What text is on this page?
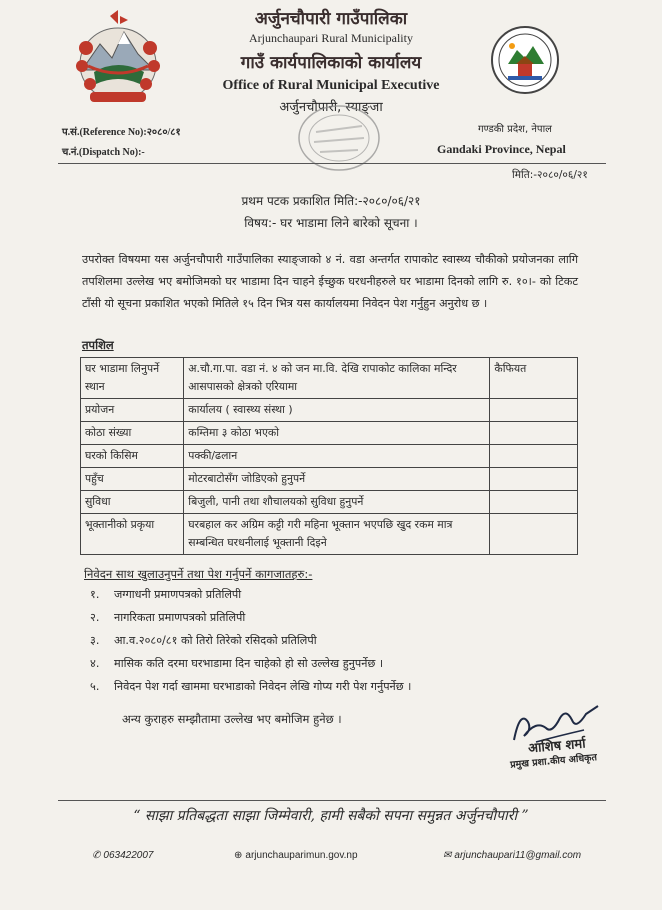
अर्जुनचौपारी गाउँपालिका
Arjunchaupari Rural Municipality
गाउँ कार्यपालिकाको कार्यालय
Office of Rural Municipal Executive
अर्जुनचौपारी, स्याङ्जा
प.सं.(Reference No):२०८०/८१
च.नं.(Dispatch No):-
गण्डकी प्रदेश, नेपाल
Gandaki Province, Nepal
मिति:-२०८०/०६/२१
प्रथम पटक प्रकाशित मिति:-२०८०/०६/२१
विषय:- घर भाडामा लिने बारेको सूचना ।
उपरोक्त विषयमा यस अर्जुनचौपारी गाउँपालिका स्याङ्जाको ४ नं. वडा अन्तर्गत रापाकोट स्वास्थ्य चौकीको प्रयोजनका लागि तपशिलमा उल्लेख भए बमोजिमको घर भाडामा दिन चाहने ईच्छुक घरधनीहरुले घर भाडामा दिनको लागि रु. १०।- को टिकट टाँसी यो सूचना प्रकाशित भएको मितिले १५ दिन भित्र यस कार्यालयमा निवेदन पेश गर्नुहुन अनुरोध छ ।
तपशिल
घर भाडामा लिनुपर्ने स्थान	अ.चौ.गा.पा. वडा नं. ४ को जन मा.वि. देखि रापाकोट कालिका मन्दिर आसपासको क्षेत्रको एरियामा	कैफियत
प्रयोजन	कार्यालय ( स्वास्थ्य संस्था )	
कोठा संख्या	कम्तिमा ३ कोठा भएको	
घरको किसिम	पक्की/ढलान	
पहुँच	मोटरबाटोसँग जोडिएको हुनुपर्ने	
सुविधा	बिजुली, पानी तथा शौचालयको सुविधा हुनुपर्ने	
भूक्तानीको प्रकृया	घरबहाल कर अग्रिम कट्टी गरी महिना भूक्तान भएपछि खुद रकम मात्र सम्बन्धित घरधनीलाई भूक्तानी दिइने	
निवेदन साथ खुलाउनुपर्ने तथा पेश गर्नुपर्ने कागजातहरु:-
१. जग्गाधनी प्रमाणपत्रको प्रतिलिपी
२. नागरिकता प्रमाणपत्रको प्रतिलिपी
३. आ.व.२०८०/८१ को तिरो तिरेको रसिदको प्रतिलिपी
४. मासिक कति दरमा घरभाडामा दिन चाहेको हो सो उल्लेख हुनुपर्नेछ ।
५. निवेदन पेश गर्दा खाममा घरभाडाको निवेदन लेखि गोप्य गरी पेश गर्नुपर्नेछ ।
अन्य कुराहरु सम्झौतामा उल्लेख भए बमोजिम हुनेछ ।
आशिष शर्मा
प्रमुख प्रशा.कीय अधिकृत
“ साझा प्रतिबद्धता साझा जिम्मेवारी, हामी सबैको सपना समुन्नत अर्जुनचौपारी ”
✆ 063422007	⊕ arjunchauparimun.gov.np	✉ arjunchaupari11@gmail.com
